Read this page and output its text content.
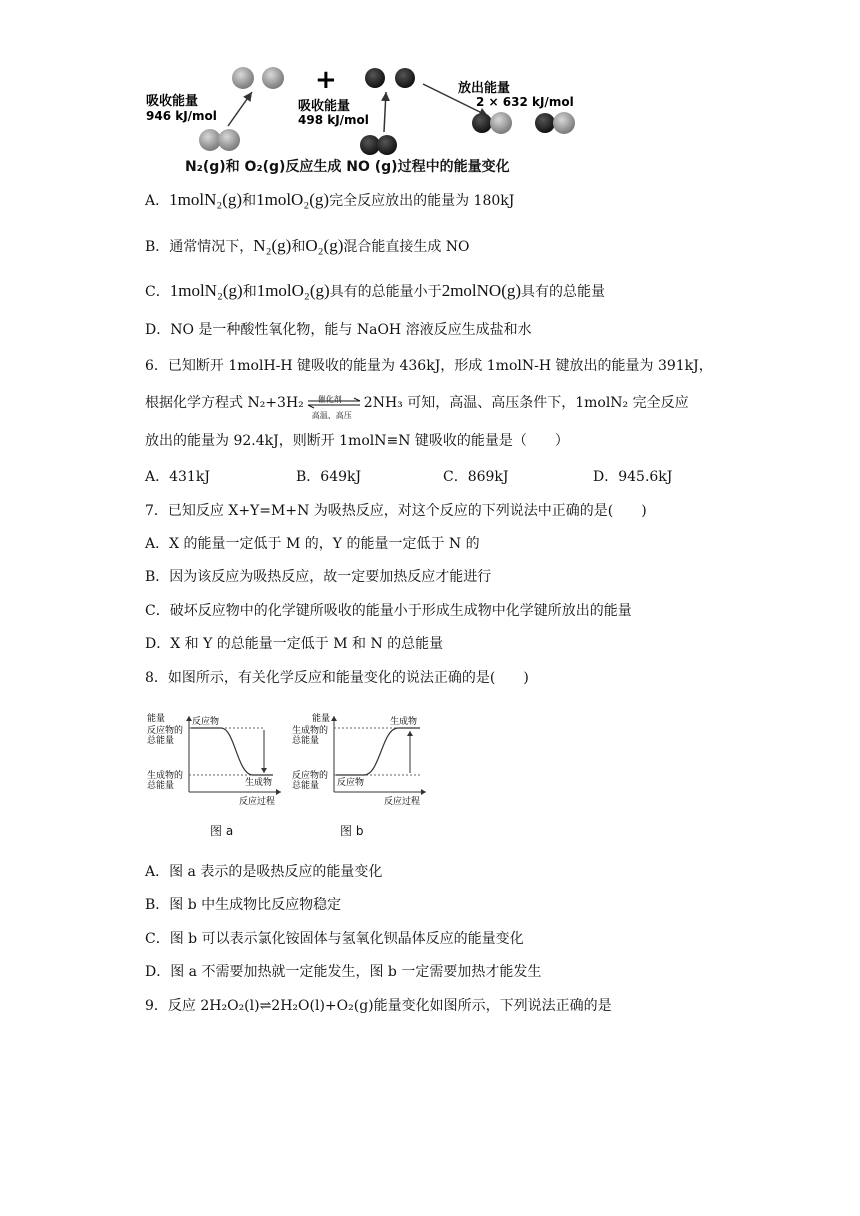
+
吸收能量
946 kJ/mol
吸收能量
498 kJ/mol
放出能量
2 × 632 kJ/mol
N₂(g)和 O₂(g)反应生成 NO (g)过程中的能量变化
A．1molN₂(g)和1molO₂(g)完全反应放出的能量为 180kJ
B．通常情况下，N₂(g)和O₂(g)混合能直接生成 NO
C．1molN₂(g)和1molO₂(g)具有的总能量小于2molNO(g)具有的总能量
D．NO 是一种酸性氧化物，能与 NaOH 溶液反应生成盐和水
6．已知断开 1molH-H 键吸收的能量为 436kJ，形成 1molN-H 键放出的能量为 391kJ，
根据化学方程式 N₂+3H₂ 催化剂
高温、高压
2NH₃ 可知，高温、高压条件下，1molN₂ 完全反应
放出的能量为 92.4kJ，则断开 1molN≡N 键吸收的能量是（　　）
A．431kJ	B．649kJ	C．869kJ	D．945.6kJ
7．已知反应 X+Y=M+N 为吸热反应，对这个反应的下列说法中正确的是(　　)
A．X 的能量一定低于 M 的，Y 的能量一定低于 N 的
B．因为该反应为吸热反应，故一定要加热反应才能进行
C．破坏反应物中的化学键所吸收的能量小于形成生成物中化学键所放出的能量
D．X 和 Y 的总能量一定低于 M 和 N 的总能量
8．如图所示，有关化学反应和能量变化的说法正确的是(　　)
能量
反应物的
总能量
生成物的
总能量
反应物
生成物
反应过程
图 a
能量
生成物的
总能量
反应物的
总能量 反应物
生成物
反应过程
图 b
A．图 a 表示的是吸热反应的能量变化
B．图 b 中生成物比反应物稳定
C．图 b 可以表示氯化铵固体与氢氧化钡晶体反应的能量变化
D．图 a 不需要加热就一定能发生，图 b 一定需要加热才能发生
9．反应 2H₂O₂(l)⇌2H₂O(l)+O₂(g)能量变化如图所示，下列说法正确的是
